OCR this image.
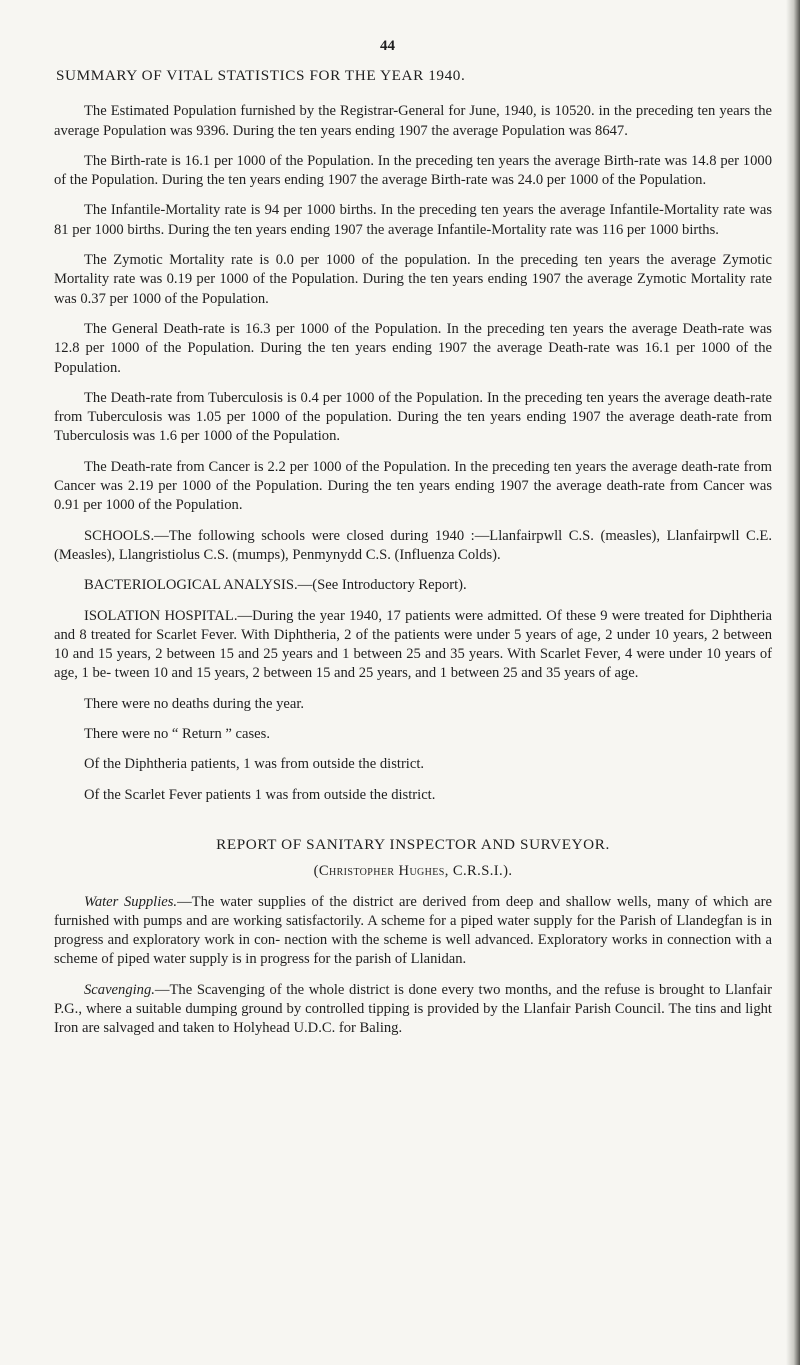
44
SUMMARY OF VITAL STATISTICS FOR THE YEAR 1940.

The Estimated Population furnished by the Registrar-General for June, 1940, is 10520. in the preceding ten years the average Population was 9396. During the ten years ending 1907 the average Population was 8647.

The Birth-rate is 16.1 per 1000 of the Population. In the preceding ten years the average Birth-rate was 14.8 per 1000 of the Population. During the ten years ending 1907 the average Birth-rate was 24.0 per 1000 of the Population.

The Infantile-Mortality rate is 94 per 1000 births. In the preceding ten years the average Infantile-Mortality rate was 81 per 1000 births. During the ten years ending 1907 the average Infantile-Mortality rate was 116 per 1000 births.

The Zymotic Mortality rate is 0.0 per 1000 of the population. In the preceding ten years the average Zymotic Mortality rate was 0.19 per 1000 of the Population. During the ten years ending 1907 the average Zymotic Mortality rate was 0.37 per 1000 of the Population.

The General Death-rate is 16.3 per 1000 of the Population. In the preceding ten years the average Death-rate was 12.8 per 1000 of the Population. During the ten years ending 1907 the average Death-rate was 16.1 per 1000 of the Population.

The Death-rate from Tuberculosis is 0.4 per 1000 of the Population. In the preceding ten years the average death-rate from Tuberculosis was 1.05 per 1000 of the population. During the ten years ending 1907 the average death-rate from Tuberculosis was 1.6 per 1000 of the Population.

The Death-rate from Cancer is 2.2 per 1000 of the Population. In the preceding ten years the average death-rate from Cancer was 2.19 per 1000 of the Population. During the ten years ending 1907 the average death-rate from Cancer was 0.91 per 1000 of the Population.

SCHOOLS.—The following schools were closed during 1940 :—Llanfairpwll C.S. (measles), Llanfairpwll C.E. (Measles), Llangristiolus C.S. (mumps), Penmynydd C.S. (Influenza Colds).

BACTERIOLOGICAL ANALYSIS.—(See Introductory Report).

ISOLATION HOSPITAL.—During the year 1940, 17 patients were admitted. Of these 9 were treated for Diphtheria and 8 treated for Scarlet Fever. With Diphtheria, 2 of the patients were under 5 years of age, 2 under 10 years, 2 between 10 and 15 years, 2 between 15 and 25 years and 1 between 25 and 35 years. With Scarlet Fever, 4 were under 10 years of age, 1 be- tween 10 and 15 years, 2 between 15 and 25 years, and 1 between 25 and 35 years of age.

There were no deaths during the year.

There were no “ Return ” cases.

Of the Diphtheria patients, 1 was from outside the district.

Of the Scarlet Fever patients 1 was from outside the district.

REPORT OF SANITARY INSPECTOR AND SURVEYOR.
(Christopher Hughes, C.R.S.I.).

Water Supplies.—The water supplies of the district are derived from deep and shallow wells, many of which are furnished with pumps and are working satisfactorily. A scheme for a piped water supply for the Parish of Llandegfan is in progress and exploratory work in con- nection with the scheme is well advanced. Exploratory works in connection with a scheme of piped water supply is in progress for the parish of Llanidan.

Scavenging.—The Scavenging of the whole district is done every two months, and the refuse is brought to Llanfair P.G., where a suitable dumping ground by controlled tipping is provided by the Llanfair Parish Council. The tins and light Iron are salvaged and taken to Holyhead U.D.C. for Baling.
